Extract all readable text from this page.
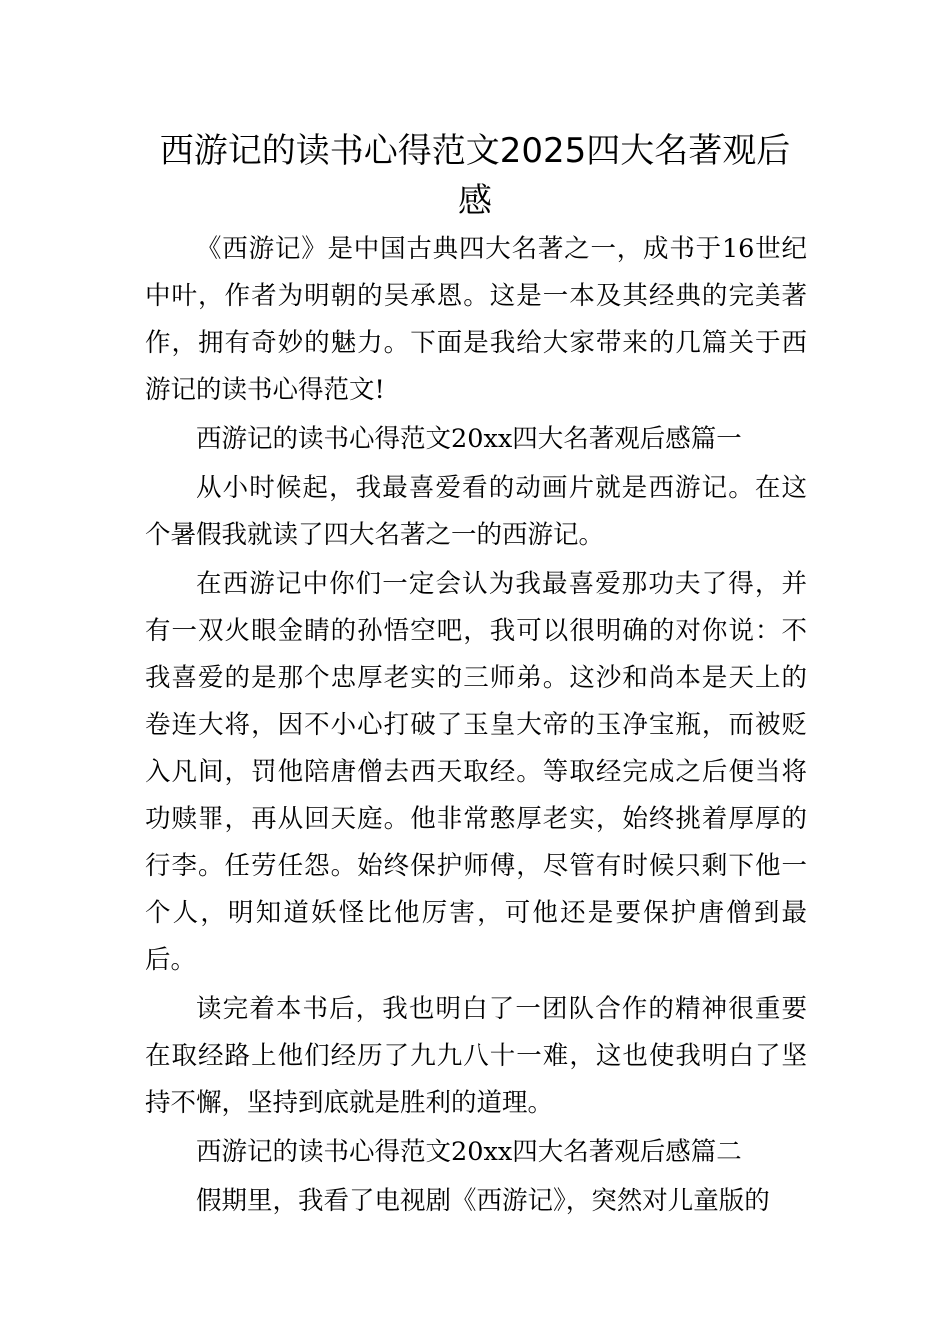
西游记的读书心得范文2025四大名著观后感

《西游记》是中国古典四大名著之一，成书于16世纪中叶，作者为明朝的吴承恩。这是一本及其经典的完美著作，拥有奇妙的魅力。下面是我给大家带来的几篇关于西游记的读书心得范文!

西游记的读书心得范文20xx四大名著观后感篇一

从小时候起，我最喜爱看的动画片就是西游记。在这个暑假我就读了四大名著之一的西游记。

在西游记中你们一定会认为我最喜爱那功夫了得，并有一双火眼金睛的孙悟空吧，我可以很明确的对你说：不我喜爱的是那个忠厚老实的三师弟。这沙和尚本是天上的卷连大将，因不小心打破了玉皇大帝的玉净宝瓶，而被贬入凡间，罚他陪唐僧去西天取经。等取经完成之后便当将功赎罪，再从回天庭。他非常憨厚老实，始终挑着厚厚的行李。任劳任怨。始终保护师傅，尽管有时候只剩下他一个人，明知道妖怪比他厉害，可他还是要保护唐僧到最后。

读完着本书后，我也明白了一团队合作的精神很重要在取经路上他们经历了九九八十一难，这也使我明白了坚持不懈，坚持到底就是胜利的道理。

西游记的读书心得范文20xx四大名著观后感篇二

假期里，我看了电视剧《西游记》，突然对儿童版的
